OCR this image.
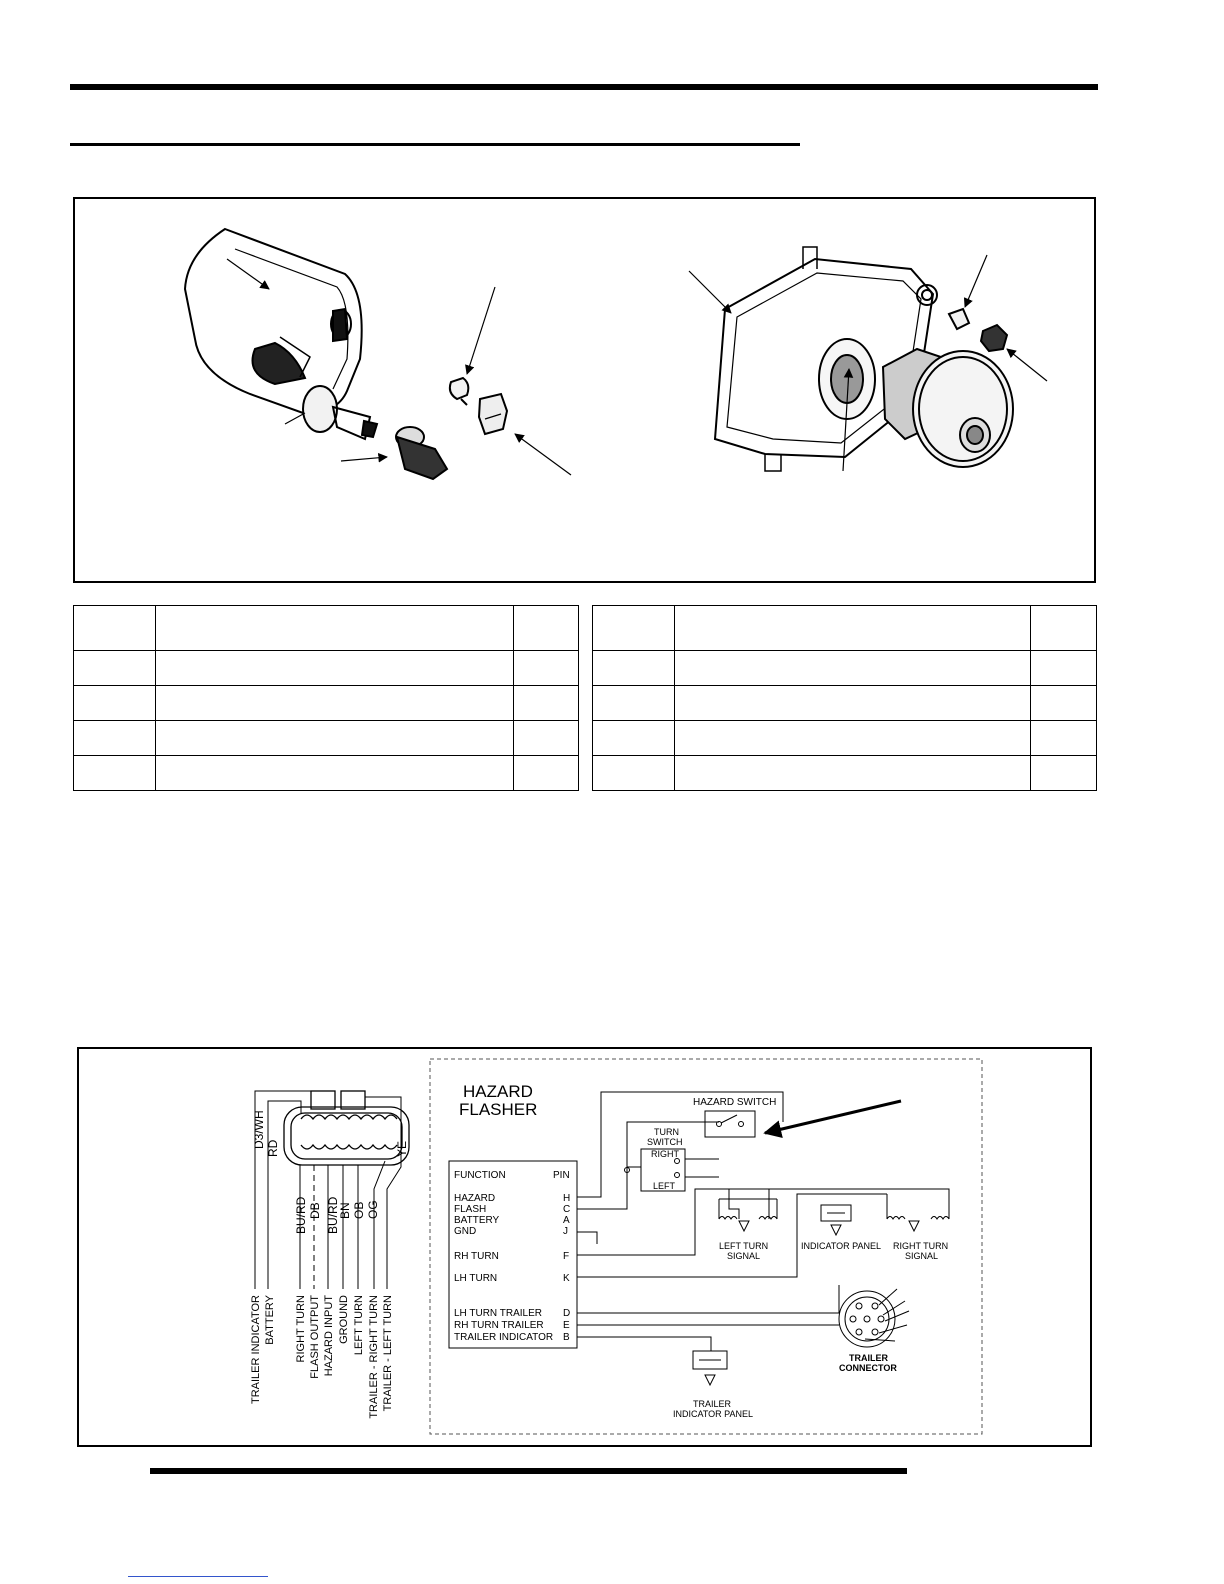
D3/WH RD
BU/RD DB BU/RD
BN OB OG
YE
TRAILER INDICATOR BATTERY RIGHT TURN FLASH OUTPUT HAZARD INPUT GROUND LEFT TURN TRAILER - RIGHT TURN TRAILER - LEFT TURN
HAZARD
FLASHER
FUNCTION	PIN
HAZARD	H
FLASH	C
BATTERY	A
GND	J
RH TURN	F
LH TURN	K
LH TURN TRAILER D
RH TURN TRAILER E
TRAILER INDICATOR B
HAZARD SWITCH
TURN
SWITCH
RIGHT
LEFT
LEFT TURN
SIGNAL
INDICATOR PANEL RIGHT TURN
SIGNAL
TRAILER
CONNECTOR
TRAILER
INDICATOR PANEL
